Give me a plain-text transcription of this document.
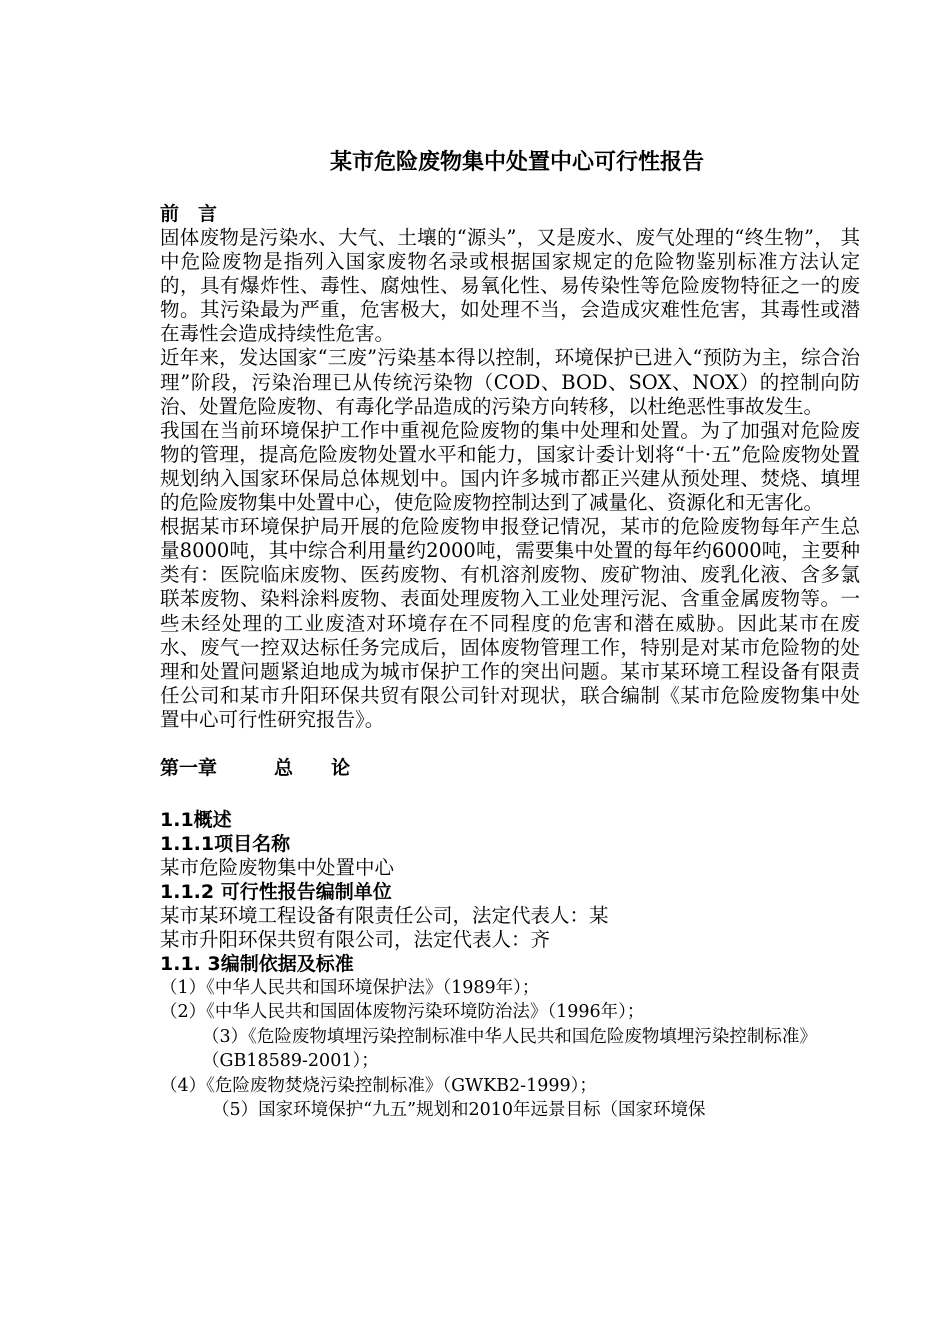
某市危险废物集中处置中心可行性报告

前　言

固体废物是污染水、大气、土壤的“源头”，又是废水、废气处理的“终生物”， 其中危险废物是指列入国家废物名录或根据国家规定的危险物鉴别标准方法认定的，具有爆炸性、毒性、腐烛性、易氧化性、易传染性等危险废物特征之一的废物。其污染最为严重，危害极大，如处理不当，会造成灾难性危害，其毒性或潜在毒性会造成持续性危害。

近年来，发达国家“三废”污染基本得以控制，环境保护已进入“预防为主，综合治理”阶段，污染治理已从传统污染物（COD、BOD、SOX、NOX）的控制向防治、处置危险废物、有毒化学品造成的污染方向转移，以杜绝恶性事故发生。

我国在当前环境保护工作中重视危险废物的集中处理和处置。为了加强对危险废物的管理，提高危险废物处置水平和能力，国家计委计划将“十·五”危险废物处置规划纳入国家环保局总体规划中。国内许多城市都正兴建从预处理、焚烧、填埋的危险废物集中处置中心，使危险废物控制达到了减量化、资源化和无害化。

根据某市环境保护局开展的危险废物申报登记情况，某市的危险废物每年产生总量8000吨，其中综合利用量约2000吨，需要集中处置的每年约6000吨，主要种类有：医院临床废物、医药废物、有机溶剂废物、废矿物油、废乳化液、含多氯联苯废物、染料涂料废物、表面处理废物入工业处理污泥、含重金属废物等。一些未经处理的工业废渣对环境存在不同程度的危害和潜在威胁。因此某市在废水、废气一控双达标任务完成后，固体废物管理工作，特别是对某市危险物的处理和处置问题紧迫地成为城市保护工作的突出问题。某市某环境工程设备有限责任公司和某市升阳环保共贸有限公司针对现状，联合编制《某市危险废物集中处置中心可行性研究报告》。

第一章　　　总　　论

1.1概述

1.1.1项目名称

某市危险废物集中处置中心

1.1.2 可行性报告编制单位

某市某环境工程设备有限责任公司，法定代表人：某

某市升阳环保共贸有限公司，法定代表人：齐

1.1. 3编制依据及标准

（1）《中华人民共和国环境保护法》（1989年）；

（2）《中华人民共和国固体废物污染环境防治法》（1996年）；

（3）《危险废物填埋污染控制标准中华人民共和国危险废物填埋污染控制标准》（GB18589-2001）；

（4）《危险废物焚烧污染控制标准》（GWKB2-1999）；

（5）国家环境保护“九五”规划和2010年远景目标（国家环境保
